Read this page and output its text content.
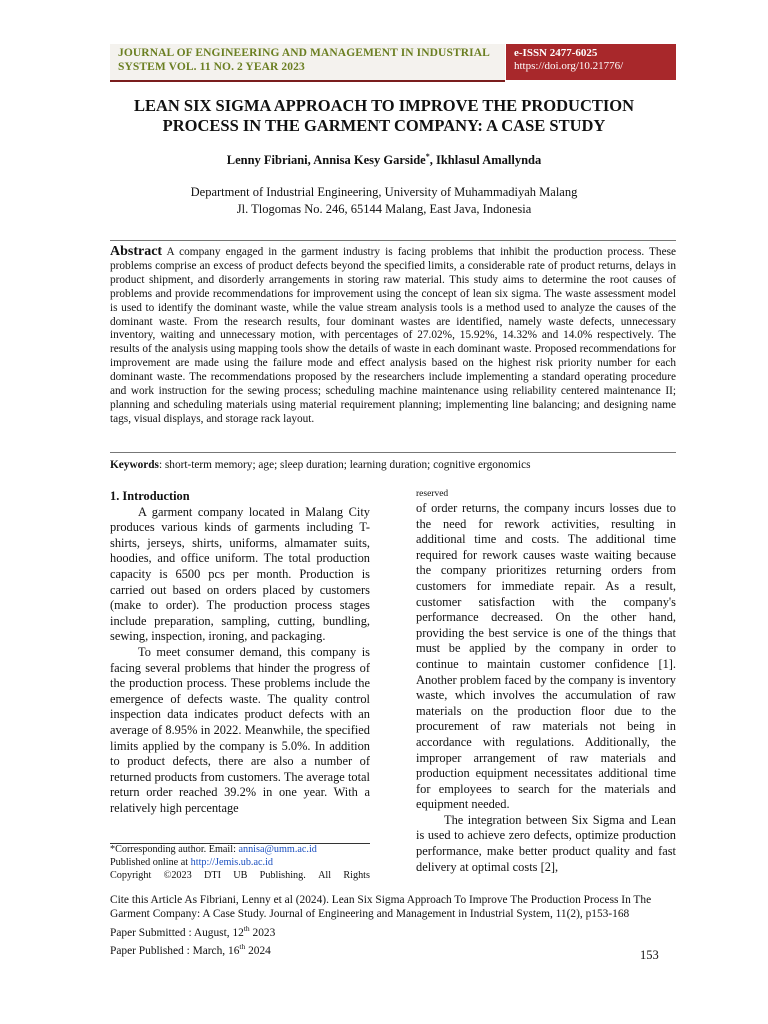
JOURNAL OF ENGINEERING AND MANAGEMENT IN INDUSTRIAL
SYSTEM VOL. 11 NO. 2 YEAR 2023
e-ISSN 2477-6025
https://doi.org/10.21776/
LEAN SIX SIGMA APPROACH TO IMPROVE THE PRODUCTION
PROCESS IN THE GARMENT COMPANY: A CASE STUDY
Lenny Fibriani, Annisa Kesy Garside*, Ikhlasul Amallynda
Department of Industrial Engineering, University of Muhammadiyah Malang
Jl. Tlogomas No. 246, 65144 Malang, East Java, Indonesia
Abstract A company engaged in the garment industry is facing problems that inhibit the production process. These problems comprise an excess of product defects beyond the specified limits, a considerable rate of product returns, delays in product shipment, and disorderly arrangements in storing raw material. This study aims to determine the root causes of problems and provide recommendations for improvement using the concept of lean six sigma. The waste assessment model is used to identify the dominant waste, while the value stream analysis tools is a method used to analyze the causes of the dominant waste. From the research results, four dominant wastes are identified, namely waste defects, unnecessary inventory, waiting and unnecessary motion, with percentages of 27.02%, 15.92%, 14.32% and 14.0% respectively. The results of the analysis using mapping tools show the details of waste in each dominant waste. Proposed recommendations for improvement are made using the failure mode and effect analysis based on the highest risk priority number for each dominant waste. The recommendations proposed by the researchers include implementing a standard operating procedure and work instruction for the sewing process; scheduling machine maintenance using reliability centered maintenance II; planning and scheduling materials using material requirement planning; implementing line balancing; and designing name tags, visual displays, and storage rack layout.
Keywords: short-term memory; age; sleep duration; learning duration; cognitive ergonomics

1. Introduction

A garment company located in Malang City produces various kinds of garments including T-shirts, jerseys, shirts, uniforms, almamater suits, hoodies, and office uniform. The total production capacity is 6500 pcs per month. Production is carried out based on orders placed by customers (make to order). The production process stages include preparation, sampling, cutting, bundling, sewing, inspection, ironing, and packaging.

To meet consumer demand, this company is facing several problems that hinder the progress of the production process. These problems include the emergence of defects waste. The quality control inspection data indicates product defects with an average of 8.95% in 2022. Meanwhile, the specified limits applied by the company is 5.0%. In addition to product defects, there are also a number of returned products from customers. The average total return order reached 39.2% in one year. With a relatively high percentage

reserved

of order returns, the company incurs losses due to the need for rework activities, resulting in additional time and costs. The additional time required for rework causes waste waiting because the company prioritizes returning orders from customers for immediate repair. As a result, customer satisfaction with the company's performance decreased. On the other hand, providing the best service is one of the things that must be applied by the company in order to continue to maintain customer confidence [1]. Another problem faced by the company is inventory waste, which involves the accumulation of raw materials on the production floor due to the procurement of raw materials not being in accordance with regulations. Additionally, the improper arrangement of raw materials and production equipment necessitates additional time for employees to search for the materials and equipment needed.

The integration between Six Sigma and Lean is used to achieve zero defects, optimize production performance, make better product quality and fast delivery at optimal costs [2],

*Corresponding author. Email: annisa@umm.ac.id
Published online at http://Jemis.ub.ac.id
Copyright ©2023 DTI UB Publishing. All Rights
Cite this Article As Fibriani, Lenny et al (2024). Lean Six Sigma Approach To Improve The Production Process In The Garment Company: A Case Study. Journal of Engineering and Management in Industrial System, 11(2), p153-168
Paper Submitted : August, 12th 2023
Paper Published : March, 16th 2024	153
